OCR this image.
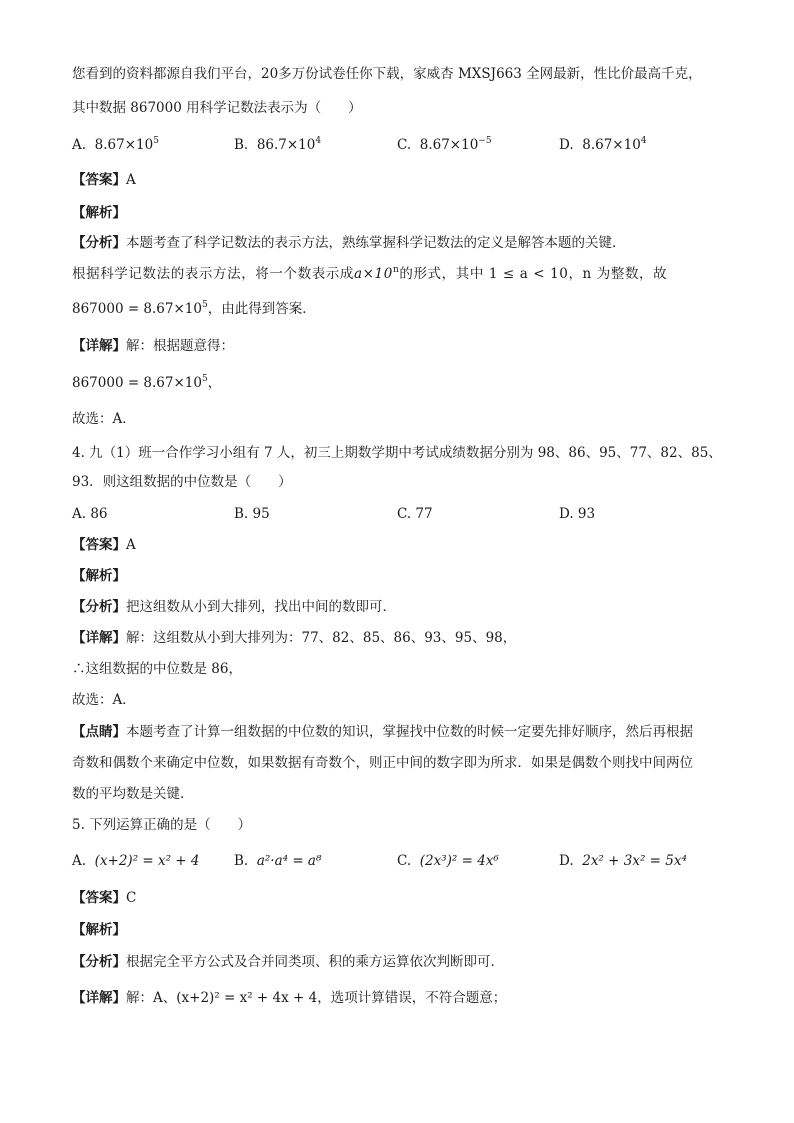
您看到的资料都源自我们平台，20多万份试卷任你下载，家威杏 MXSJ663 全网最新，性比价最高千克，
其中数据 867000 用科学记数法表示为（　　）
A. $8.67\times 10^5$	B. $86.7\times 10^4$	C. $8.67\times 10^{-5}$	D. $8.67\times 10^4$
【答案】A
【解析】
【分析】本题考查了科学记数法的表示方法，熟练掌握科学记数法的定义是解答本题的关键．
根据科学记数法的表示方法，将一个数表示成$a\times 10^n$的形式，其中 1 ≤ a < 10，n 为整数，故
$867000 = 8.67\times 10^5$，由此得到答案．
【详解】解：根据题意得：
$867000 = 8.67\times 10^5$，
故选：A．
4. 九（1）班一合作学习小组有 7 人，初三上期数学期中考试成绩数据分别为 98、86、95、77、82、85、
93．则这组数据的中位数是（　　）
A. 86	B. 95	C. 77	D. 93
【答案】A
【解析】
【分析】把这组数从小到大排列，找出中间的数即可．
【详解】解：这组数从小到大排列为：77、82、85、86、93、95、98，
∴这组数据的中位数是 86，
故选：A．
【点睛】本题考查了计算一组数据的中位数的知识，掌握找中位数的时候一定要先排好顺序，然后再根据
奇数和偶数个来确定中位数，如果数据有奇数个，则正中间的数字即为所求．如果是偶数个则找中间两位
数的平均数是关键．
5. 下列运算正确的是（　　）
A. (x+2)² = x² + 4	B. a²·a⁴ = a⁸	C. (2x³)² = 4x⁶	D. 2x² + 3x² = 5x⁴
【答案】C
【解析】
【分析】根据完全平方公式及合并同类项、积的乘方运算依次判断即可．
【详解】解：A、(x+2)² = x² + 4x + 4，选项计算错误，不符合题意；
